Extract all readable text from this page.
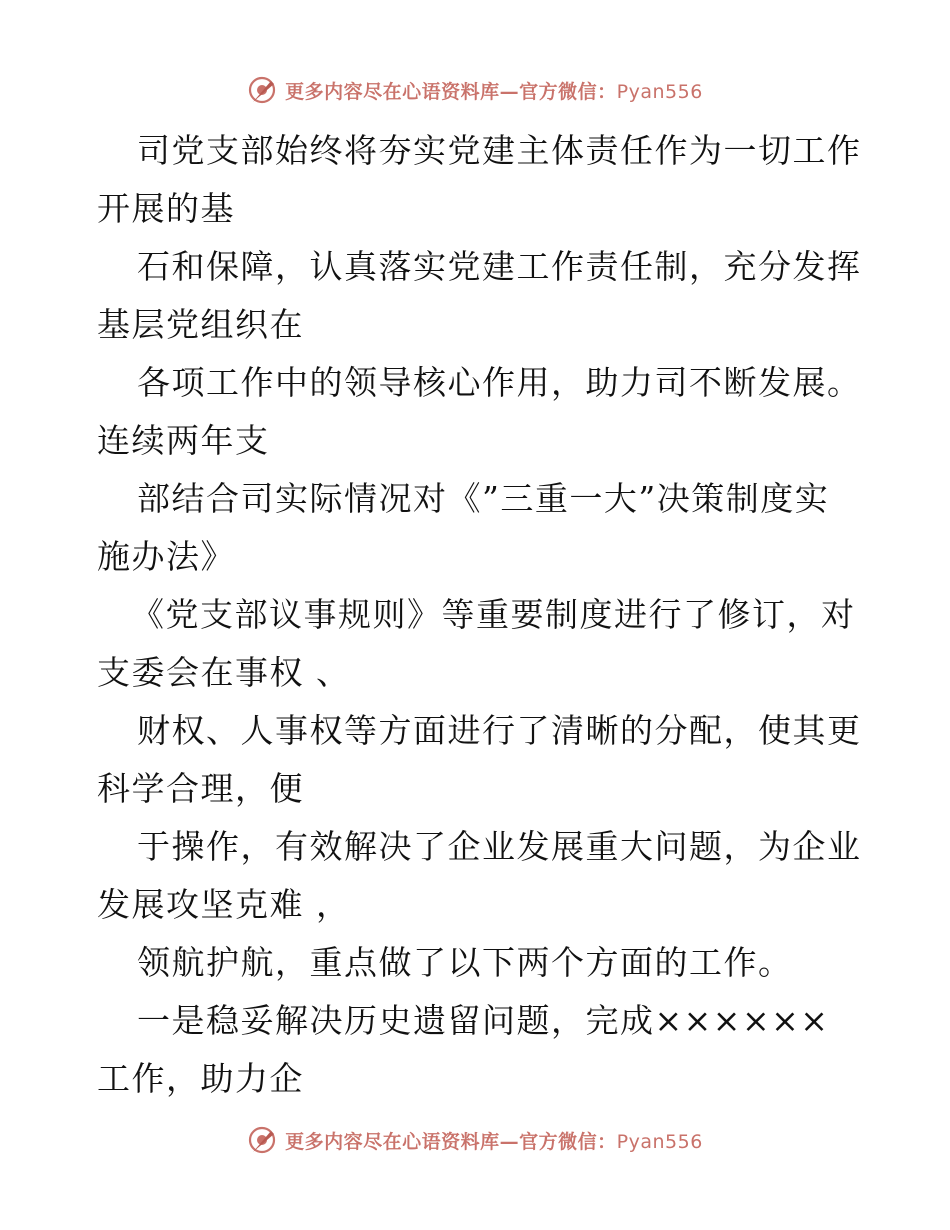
更多内容尽在心语资料库—官方微信：Pyan556
司党支部始终将夯实党建主体责任作为一切工作
开展的基
石和保障，认真落实党建工作责任制，充分发挥
基层党组织在
各项工作中的领导核心作用，助力司不断发展。
连续两年支
部结合司实际情况对《”三重一大”决策制度实
施办法》
《党支部议事规则》等重要制度进行了修订，对
支委会在事权 、
财权、人事权等方面进行了清晰的分配，使其更
科学合理，便
于操作，有效解决了企业发展重大问题，为企业
发展攻坚克难 ，
领航护航，重点做了以下两个方面的工作。
一是稳妥解决历史遗留问题，完成××××××
工作，助力企
更多内容尽在心语资料库—官方微信：Pyan556
